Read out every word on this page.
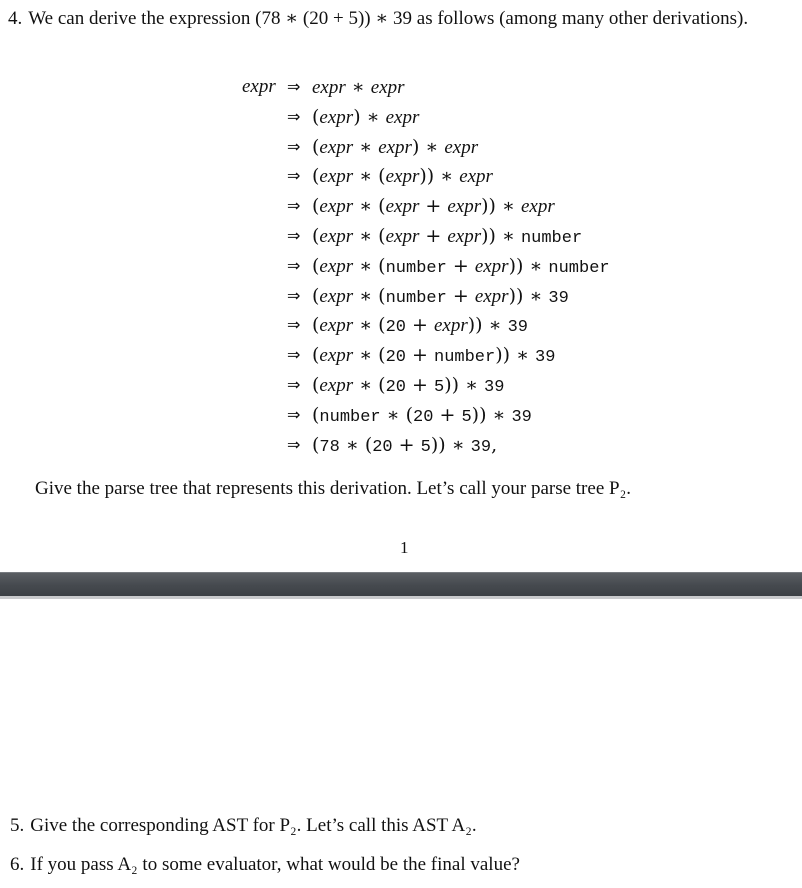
4. We can derive the expression (78 ∗ (20 + 5)) ∗ 39 as follows (among many other derivations).
expr ⇒ expr ∗ expr
⇒ (expr) ∗ expr
⇒ (expr ∗ expr) ∗ expr
⇒ (expr ∗ (expr)) ∗ expr
⇒ (expr ∗ (expr + expr)) ∗ expr
⇒ (expr ∗ (expr + expr)) ∗ number
⇒ (expr ∗ (number + expr)) ∗ number
⇒ (expr ∗ (number + expr)) ∗ 39
⇒ (expr ∗ (20 + expr)) ∗ 39
⇒ (expr ∗ (20 + number)) ∗ 39
⇒ (expr ∗ (20 + 5)) ∗ 39
⇒ (number ∗ (20 + 5)) ∗ 39
⇒ (78 ∗ (20 + 5)) ∗ 39,
Give the parse tree that represents this derivation. Let’s call your parse tree P₂.
1
5. Give the corresponding AST for P₂. Let’s call this AST A₂.
6. If you pass A₂ to some evaluator, what would be the final value?
